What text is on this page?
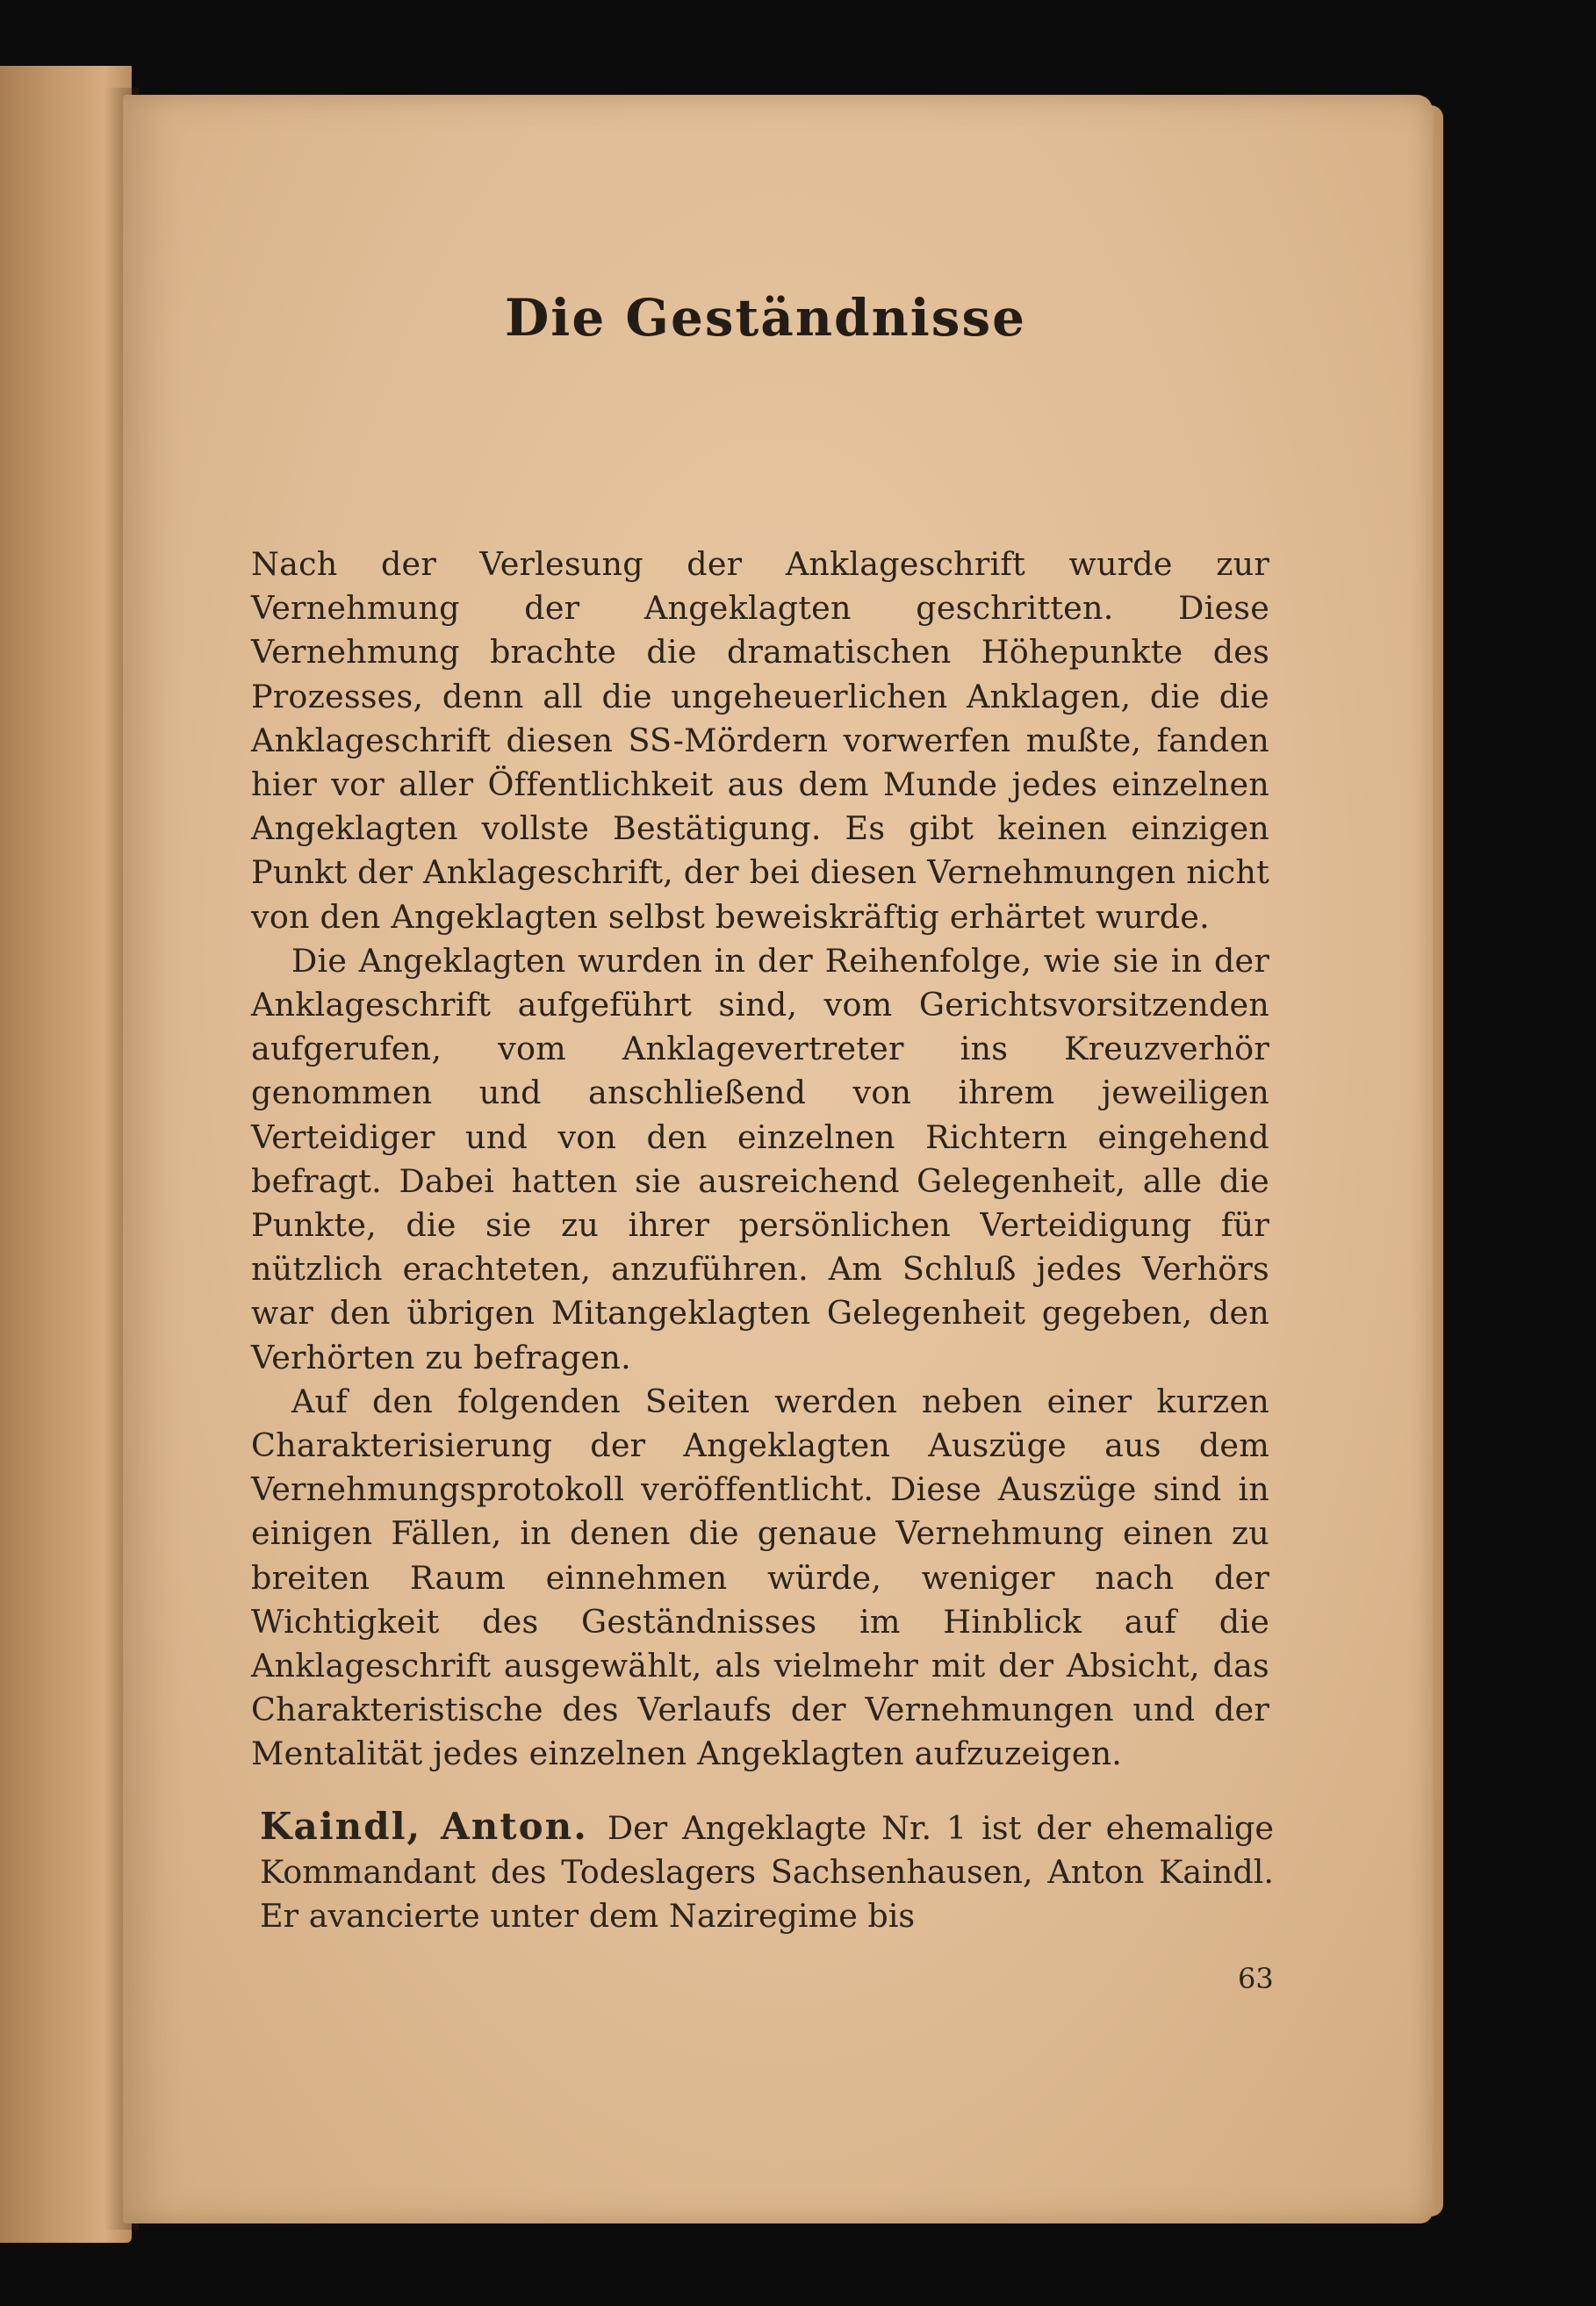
Die Geständnisse

Nach der Verlesung der Anklageschrift wurde zur Vernehmung der Angeklagten geschritten. Diese Vernehmung brachte die dramatischen Höhepunkte des Prozesses, denn all die ungeheuerlichen Anklagen, die die Anklageschrift diesen SS-Mördern vorwerfen mußte, fanden hier vor aller Öffentlichkeit aus dem Munde jedes einzelnen Angeklagten vollste Bestätigung. Es gibt keinen einzigen Punkt der Anklageschrift, der bei diesen Vernehmungen nicht von den Angeklagten selbst beweiskräftig erhärtet wurde.

Die Angeklagten wurden in der Reihenfolge, wie sie in der Anklageschrift aufgeführt sind, vom Gerichtsvorsitzenden aufgerufen, vom Anklagevertreter ins Kreuzverhör genommen und anschließend von ihrem jeweiligen Verteidiger und von den einzelnen Richtern eingehend befragt. Dabei hatten sie ausreichend Gelegenheit, alle die Punkte, die sie zu ihrer persönlichen Verteidigung für nützlich erachteten, anzuführen. Am Schluß jedes Verhörs war den übrigen Mitangeklagten Gelegenheit gegeben, den Verhörten zu befragen.

Auf den folgenden Seiten werden neben einer kurzen Charakterisierung der Angeklagten Auszüge aus dem Vernehmungsprotokoll veröffentlicht. Diese Auszüge sind in einigen Fällen, in denen die genaue Vernehmung einen zu breiten Raum einnehmen würde, weniger nach der Wichtigkeit des Geständnisses im Hinblick auf die Anklageschrift ausgewählt, als vielmehr mit der Absicht, das Charakteristische des Verlaufs der Vernehmungen und der Mentalität jedes einzelnen Angeklagten aufzuzeigen.

Kaindl, Anton. Der Angeklagte Nr. 1 ist der ehemalige Kommandant des Todeslagers Sachsenhausen, Anton Kaindl. Er avancierte unter dem Naziregime bis

63
